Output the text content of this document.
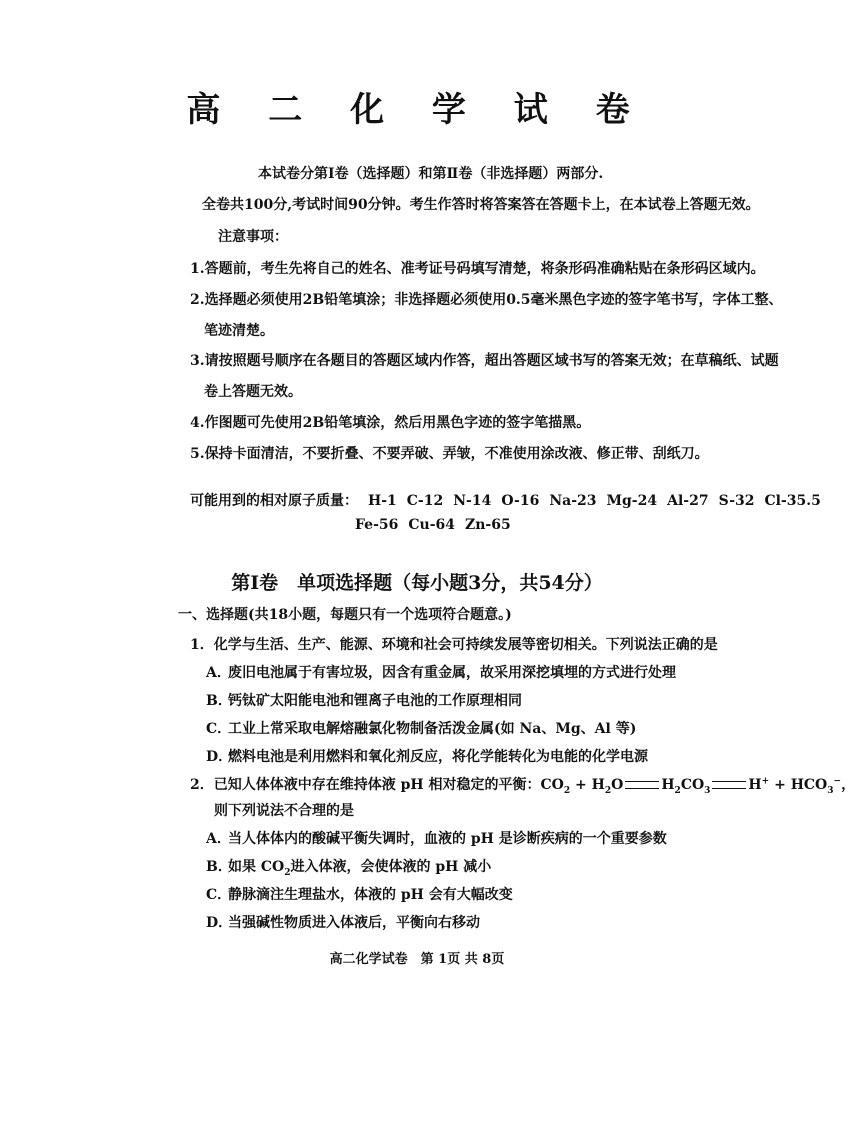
高 二 化 学 试 卷
本试卷分第Ⅰ卷（选择题）和第Ⅱ卷（非选择题）两部分.
全卷共100分,考试时间90分钟。考生作答时将答案答在答题卡上，在本试卷上答题无效。
注意事项：
1.答题前，考生先将自己的姓名、准考证号码填写清楚，将条形码准确粘贴在条形码区域内。
2.选择题必须使用2B铅笔填涂；非选择题必须使用0.5毫米黑色字迹的签字笔书写，字体工整、
笔迹清楚。
3.请按照题号顺序在各题目的答题区域内作答，超出答题区域书写的答案无效；在草稿纸、试题
卷上答题无效。
4.作图题可先使用2B铅笔填涂，然后用黑色字迹的签字笔描黑。
5.保持卡面清洁，不要折叠、不要弄破、弄皱，不准使用涂改液、修正带、刮纸刀。
可能用到的相对原子质量： H-1 C-12 N-14 O-16 Na-23 Mg-24 Al-27 S-32 Cl-35.5
Fe-56 Cu-64 Zn-65
第Ⅰ卷　单项选择题（每小题3分，共54分）
一、选择题(共18小题，每题只有一个选项符合题意。)
1．化学与生活、生产、能源、环境和社会可持续发展等密切相关。下列说法正确的是
A．废旧电池属于有害垃圾，因含有重金属，故采用深挖填埋的方式进行处理
B．钙钛矿太阳能电池和锂离子电池的工作原理相同
C．工业上常采取电解熔融氯化物制备活泼金属(如 Na、Mg、Al 等)
D．燃料电池是利用燃料和氧化剂反应，将化学能转化为电能的化学电源
2．已知人体体液中存在维持体液 pH 相对稳定的平衡：$CO_2 + H_2O$	$H_2CO_3$	$H^+ + HCO_3^-$，
则下列说法不合理的是
A．当人体体内的酸碱平衡失调时，血液的 pH 是诊断疾病的一个重要参数
B．如果 $CO_2$进入体液，会使体液的 pH 减小
C．静脉滴注生理盐水，体液的 pH 会有大幅改变
D．当强碱性物质进入体液后，平衡向右移动
高二化学试卷　第 1页 共 8页
